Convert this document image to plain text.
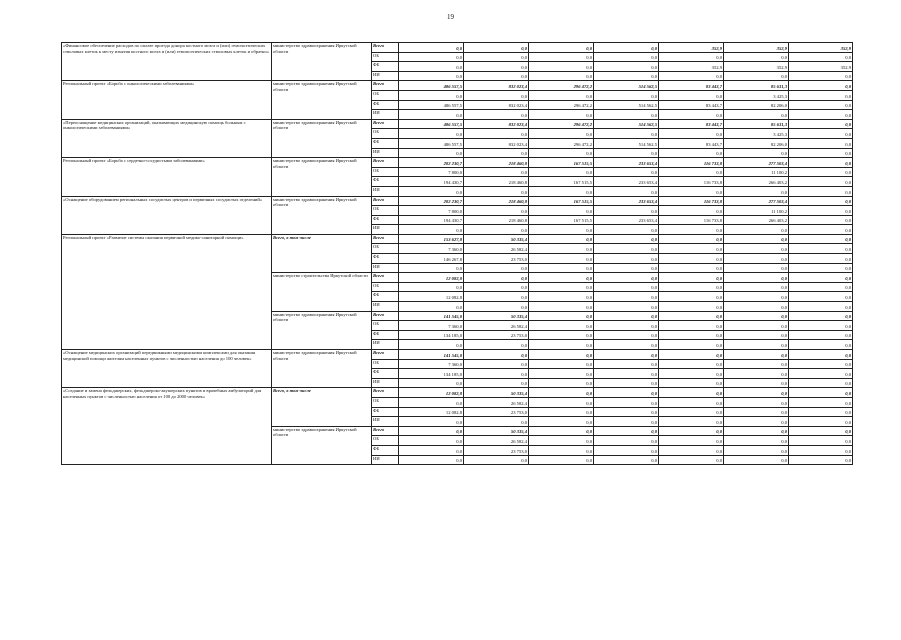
19
«Финансовое обеспечение расходов по оплате проезда донора костного мозга и (или) гемопоэтических стволовых клеток к месту изъятия костного мозга и (или) гемопоэтических стволовых клеток и обратно»	министерство здравоохранения Иркутской области	Всего	0,0	0,0	0,0	0,0	352,9	352,9	352,9
		ОБ	0,0	0,0	0,0	0,0	0,0	0,0	0,0
		ФБ	0,0	0,0	0,0	0,0	352,9	352,9	352,9
		ИИ	0,0	0,0	0,0	0,0	0,0	0,0	0,0
Региональный проект «Борьба с онкологическими заболеваниями»	министерство здравоохранения Иркутской области	Всего	486 557,5	832 023,4	296 472,2	514 562,5	83 443,7	85 631,3	0,0
		ОБ	0,0	0,0	0,0	0,0	0,0	3 425,3	0,0
		ФБ	486 557,5	832 023,4	296 472,2	514 562,5	83 443,7	82 206,0	0,0
		ИИ	0,0	0,0	0,0	0,0	0,0	0,0	0,0
«Переоснащение медицинских организаций, оказывающих медицинскую помощь больным с онкологическими заболеваниями»	министерство здравоохранения Иркутской области	Всего	486 557,5	832 023,4	296 472,2	514 562,5	83 443,7	85 631,3	0,0
		ОБ	0,0	0,0	0,0	0,0	0,0	3 425,3	0,0
		ФБ	486 557,5	832 023,4	296 472,2	514 562,5	83 443,7	82 206,0	0,0
		ИИ	0,0	0,0	0,0	0,0	0,0	0,0	0,0
Региональный проект «Борьба с сердечно-сосудистыми заболеваниями»	министерство здравоохранения Иркутской области	Всего	202 230,7	218 460,8	167 515,5	233 653,4	116 733,8	277 503,4	0,0
		ОБ	7 800,0	0,0	0,0	0,0	0,0	11 100,2	0,0
		ФБ	194 430,7	218 460,8	167 515,5	233 653,4	116 733,8	266 403,2	0,0
		ИИ	0,0	0,0	0,0	0,0	0,0	0,0	0,0
«Оснащение оборудованием региональных сосудистых центров и первичных сосудистых отделений»	министерство здравоохранения Иркутской области	Всего	202 230,7	218 460,8	167 515,5	233 653,4	116 733,8	277 503,4	0,0
		ОБ	7 800,0	0,0	0,0	0,0	0,0	11 100,2	0,0
		ФБ	194 430,7	218 460,8	167 515,5	233 653,4	116 733,8	266 403,2	0,0
		ИИ	0,0	0,0	0,0	0,0	0,0	0,0	0,0
Региональный проект «Развитие системы оказания первичной медико-санитарной помощи»	Всего, в том числе	Всего	153 627,8	50 335,4	0,0	0,0	0,0	0,0	0,0
		ОБ	7 360,0	26 582,4	0,0	0,0	0,0	0,0	0,0
		ФБ	146 267,8	23 753,0	0,0	0,0	0,0	0,0	0,0
		ИИ	0,0	0,0	0,0	0,0	0,0	0,0	0,0
	министерство строительства Иркутской области	Всего	12 082,8	0,0	0,0	0,0	0,0	0,0	0,0
		ОБ	0,0	0,0	0,0	0,0	0,0	0,0	0,0
		ФБ	12 082,8	0,0	0,0	0,0	0,0	0,0	0,0
		ИИ	0,0	0,0	0,0	0,0	0,0	0,0	0,0
	министерство здравоохранения Иркутской области	Всего	141 545,0	50 335,4	0,0	0,0	0,0	0,0	0,0
		ОБ	7 360,0	26 582,4	0,0	0,0	0,0	0,0	0,0
		ФБ	134 185,0	23 753,0	0,0	0,0	0,0	0,0	0,0
		ИИ	0,0	0,0	0,0	0,0	0,0	0,0	0,0
«Оснащение медицинских организаций передвижными медицинскими комплексами для оказания медицинской помощи жителям населенных пунктов с численностью населения до 100 человек»	министерство здравоохранения Иркутской области	Всего	141 545,0	0,0	0,0	0,0	0,0	0,0	0,0
		ОБ	7 360,0	0,0	0,0	0,0	0,0	0,0	0,0
		ФБ	134 185,0	0,0	0,0	0,0	0,0	0,0	0,0
		ИИ	0,0	0,0	0,0	0,0	0,0	0,0	0,0
«Создание и замена фельдшерских, фельдшерско-акушерских пунктов и врачебных амбулаторий для населенных пунктов с численностью населения от 100 до 2000 человек»	Всего, в том числе	Всего	12 082,8	50 335,4	0,0	0,0	0,0	0,0	0,0
		ОБ	0,0	26 582,4	0,0	0,0	0,0	0,0	0,0
		ФБ	12 082,8	23 753,0	0,0	0,0	0,0	0,0	0,0
		ИИ	0,0	0,0	0,0	0,0	0,0	0,0	0,0
	министерство здравоохранения Иркутской области	Всего	0,0	50 335,4	0,0	0,0	0,0	0,0	0,0
		ОБ	0,0	26 582,4	0,0	0,0	0,0	0,0	0,0
		ФБ	0,0	23 753,0	0,0	0,0	0,0	0,0	0,0
		ИИ	0,0	0,0	0,0	0,0	0,0	0,0	0,0
